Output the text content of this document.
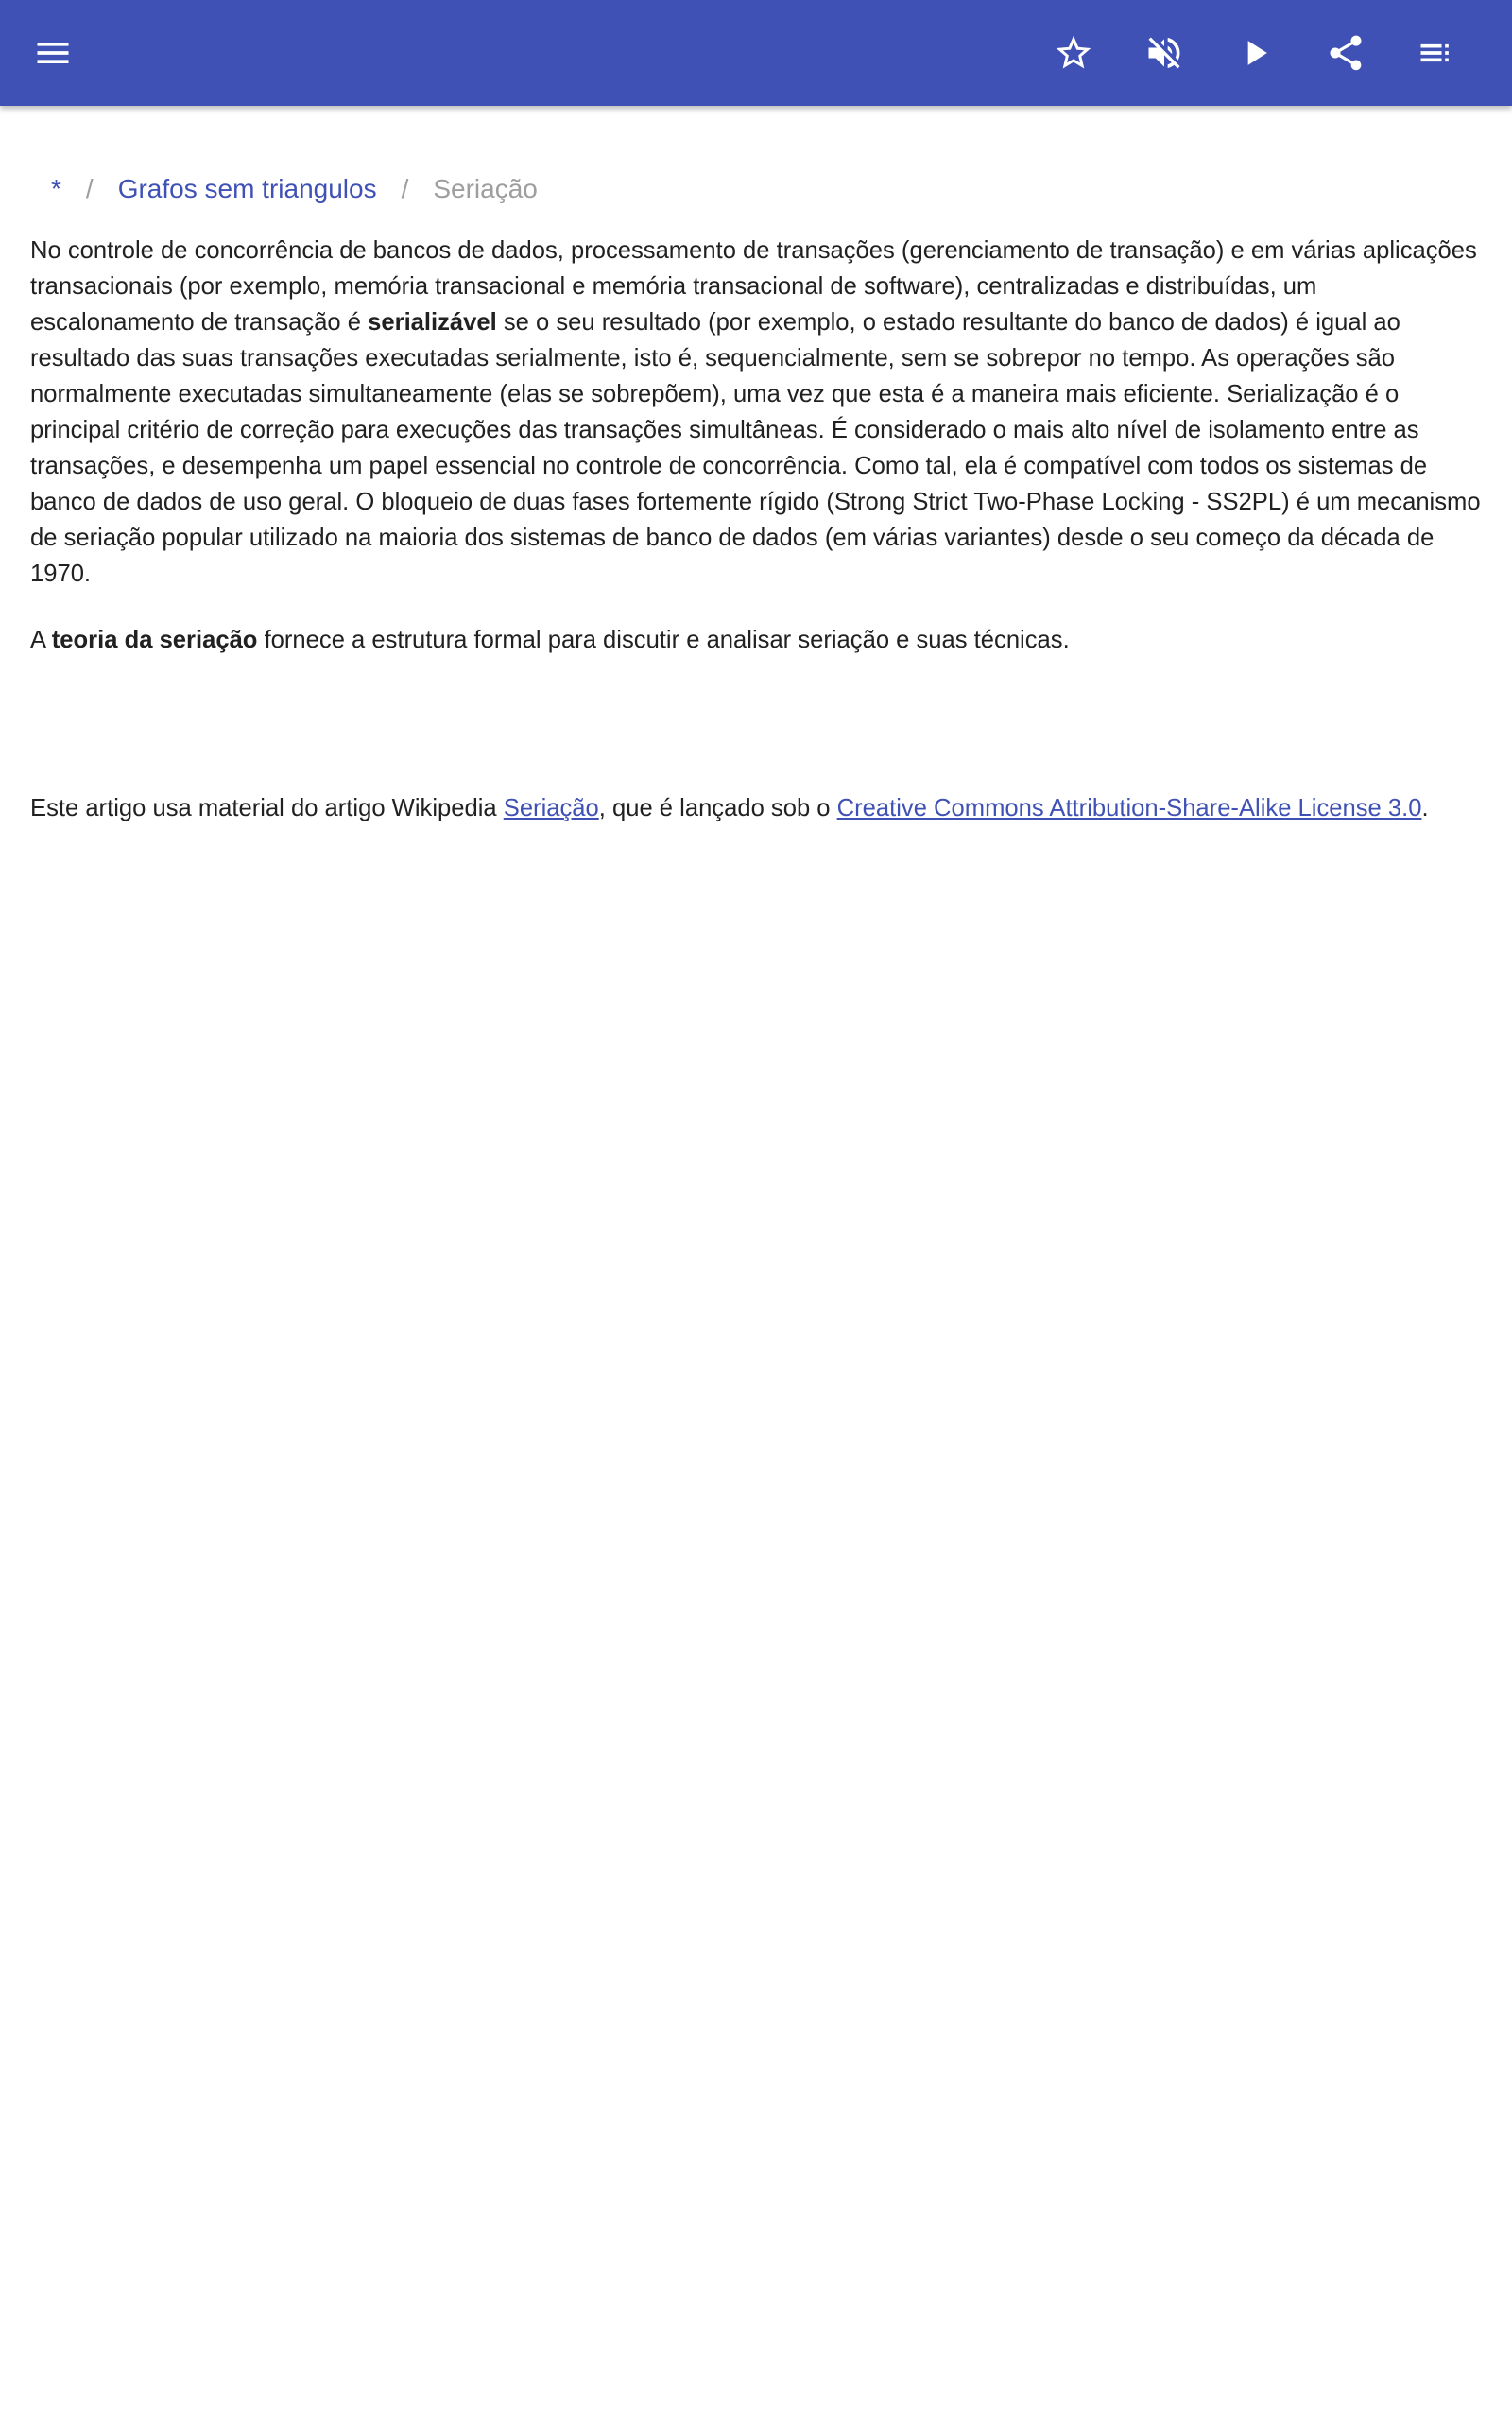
* / Grafos sem triangulos / Seriação

No controle de concorrência de bancos de dados, processamento de transações (gerenciamento de transação) e em várias aplicações transacionais (por exemplo, memória transacional e memória transacional de software), centralizadas e distribuídas, um escalonamento de transação é serializável se o seu resultado (por exemplo, o estado resultante do banco de dados) é igual ao resultado das suas transações executadas serialmente, isto é, sequencialmente, sem se sobrepor no tempo. As operações são normalmente executadas simultaneamente (elas se sobrepõem), uma vez que esta é a maneira mais eficiente. Serialização é o principal critério de correção para execuções das transações simultâneas. É considerado o mais alto nível de isolamento entre as transações, e desempenha um papel essencial no controle de concorrência. Como tal, ela é compatível com todos os sistemas de banco de dados de uso geral. O bloqueio de duas fases fortemente rígido (Strong Strict Two-Phase Locking - SS2PL) é um mecanismo de seriação popular utilizado na maioria dos sistemas de banco de dados (em várias variantes) desde o seu começo da década de 1970.

A teoria da seriação fornece a estrutura formal para discutir e analisar seriação e suas técnicas.

Este artigo usa material do artigo Wikipedia Seriação, que é lançado sob o Creative Commons Attribution-Share-Alike License 3.0.
